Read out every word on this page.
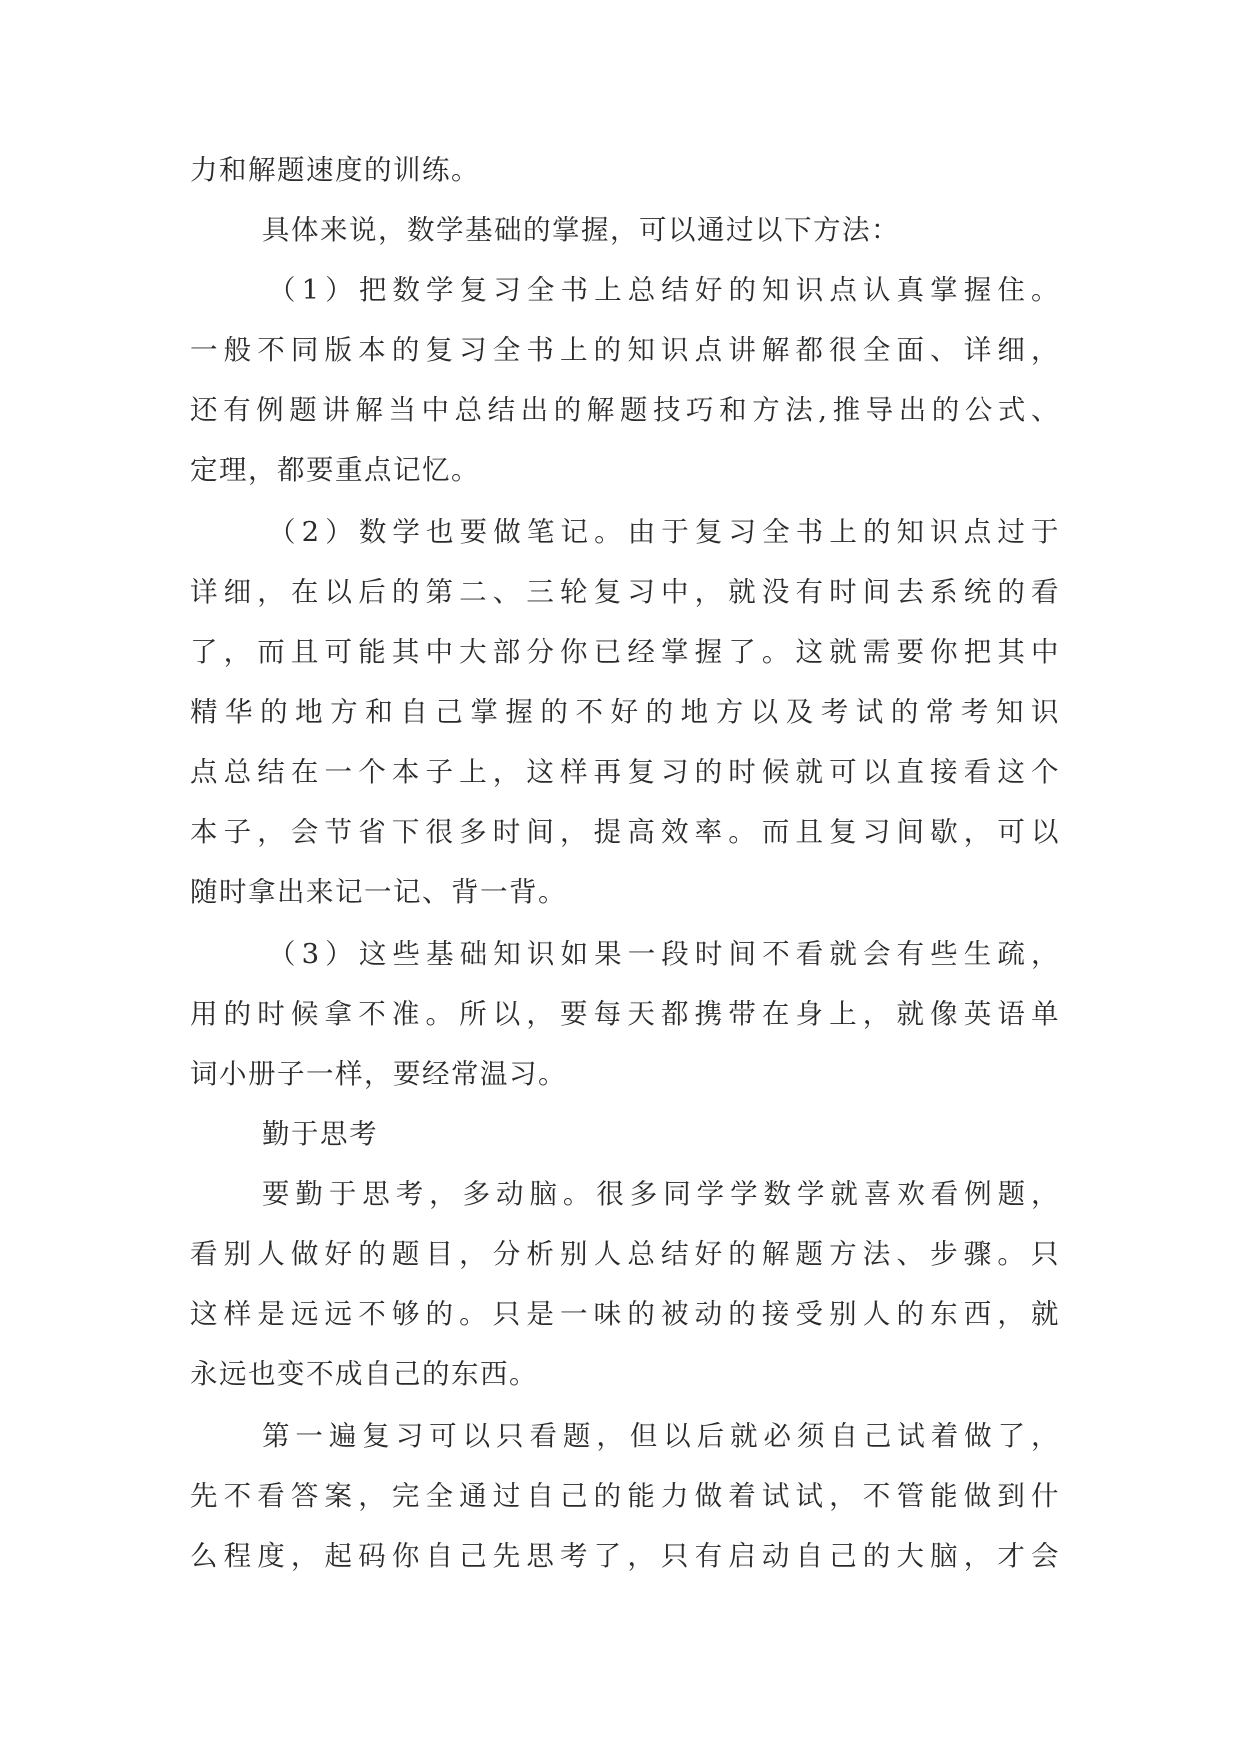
力和解题速度的训练。
具体来说，数学基础的掌握，可以通过以下方法：
（1）把数学复习全书上总结好的知识点认真掌握住。
一般不同版本的复习全书上的知识点讲解都很全面、详细，
还有例题讲解当中总结出的解题技巧和方法,推导出的公式、
定理，都要重点记忆。
（2）数学也要做笔记。由于复习全书上的知识点过于
详细，在以后的第二、三轮复习中，就没有时间去系统的看
了，而且可能其中大部分你已经掌握了。这就需要你把其中
精华的地方和自己掌握的不好的地方以及考试的常考知识
点总结在一个本子上，这样再复习的时候就可以直接看这个
本子，会节省下很多时间，提高效率。而且复习间歇，可以
随时拿出来记一记、背一背。
（3）这些基础知识如果一段时间不看就会有些生疏，
用的时候拿不准。所以，要每天都携带在身上，就像英语单
词小册子一样，要经常温习。
勤于思考
要勤于思考，多动脑。很多同学学数学就喜欢看例题，
看别人做好的题目，分析别人总结好的解题方法、步骤。只
这样是远远不够的。只是一味的被动的接受别人的东西，就
永远也变不成自己的东西。
第一遍复习可以只看题，但以后就必须自己试着做了，
先不看答案，完全通过自己的能力做着试试，不管能做到什
么程度，起码你自己先思考了，只有启动自己的大脑，才会
